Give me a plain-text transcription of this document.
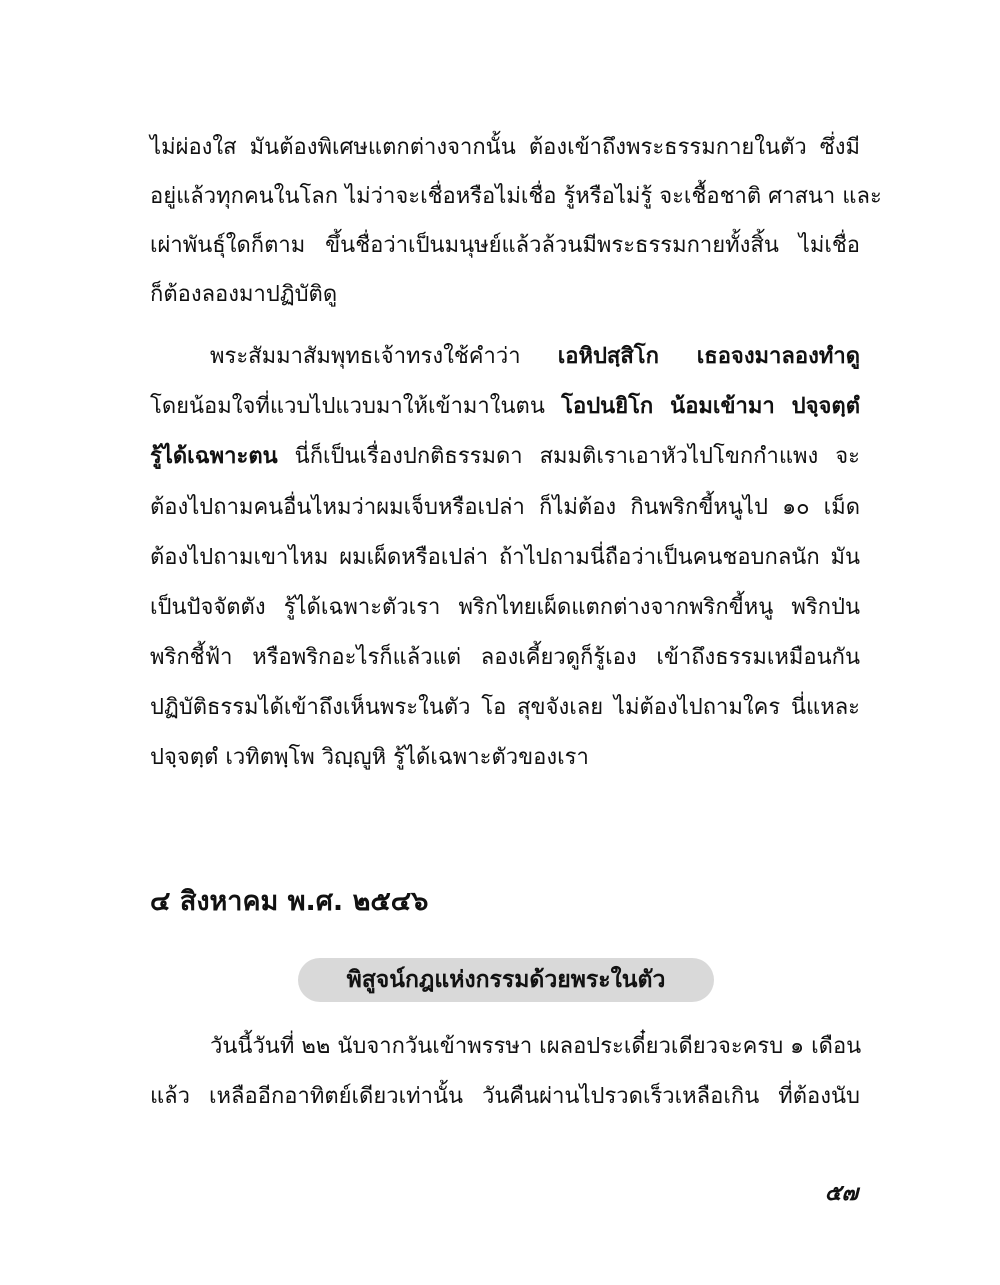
ไม่ผ่องใส มันต้องพิเศษแตกต่างจากนั้น ต้องเข้าถึงพระธรรมกายในตัว ซึ่งมี
อยู่แล้วทุกคนในโลก ไม่ว่าจะเชื่อหรือไม่เชื่อ รู้หรือไม่รู้ จะเชื้อชาติ ศาสนา และ
เผ่าพันธุ์ใดก็ตาม ขึ้นชื่อว่าเป็นมนุษย์แล้วล้วนมีพระธรรมกายทั้งสิ้น ไม่เชื่อ
ก็ต้องลองมาปฏิบัติดู
พระสัมมาสัมพุทธเจ้าทรงใช้คำว่า เอหิปสฺสิโก เธอจงมาลองทำดู
โดยน้อมใจที่แวบไปแวบมาให้เข้ามาในตน โอปนยิโก น้อมเข้ามา ปจฺจตฺตํ
รู้ได้เฉพาะตน นี่ก็เป็นเรื่องปกติธรรมดา สมมติเราเอาหัวไปโขกกำแพง จะ
ต้องไปถามคนอื่นไหมว่าผมเจ็บหรือเปล่า ก็ไม่ต้อง กินพริกขี้หนูไป ๑๐ เม็ด
ต้องไปถามเขาไหม ผมเผ็ดหรือเปล่า ถ้าไปถามนี่ถือว่าเป็นคนชอบกลนัก มัน
เป็นปัจจัตตัง รู้ได้เฉพาะตัวเรา พริกไทยเผ็ดแตกต่างจากพริกขี้หนู พริกป่น
พริกชี้ฟ้า หรือพริกอะไรก็แล้วแต่ ลองเคี้ยวดูก็รู้เอง เข้าถึงธรรมเหมือนกัน
ปฏิบัติธรรมได้เข้าถึงเห็นพระในตัว โอ สุขจังเลย ไม่ต้องไปถามใคร นี่แหละ
ปจฺจตฺตํ เวทิตพฺโพ วิญฺญูหิ รู้ได้เฉพาะตัวของเรา
๔ สิงหาคม พ.ศ. ๒๕๔๖
พิสูจน์กฎแห่งกรรมด้วยพระในตัว
วันนี้วันที่ ๒๒ นับจากวันเข้าพรรษา เผลอประเดี๋ยวเดียวจะครบ ๑ เดือน
แล้ว เหลืออีกอาทิตย์เดียวเท่านั้น วันคืนผ่านไปรวดเร็วเหลือเกิน ที่ต้องนับ
๕๗
